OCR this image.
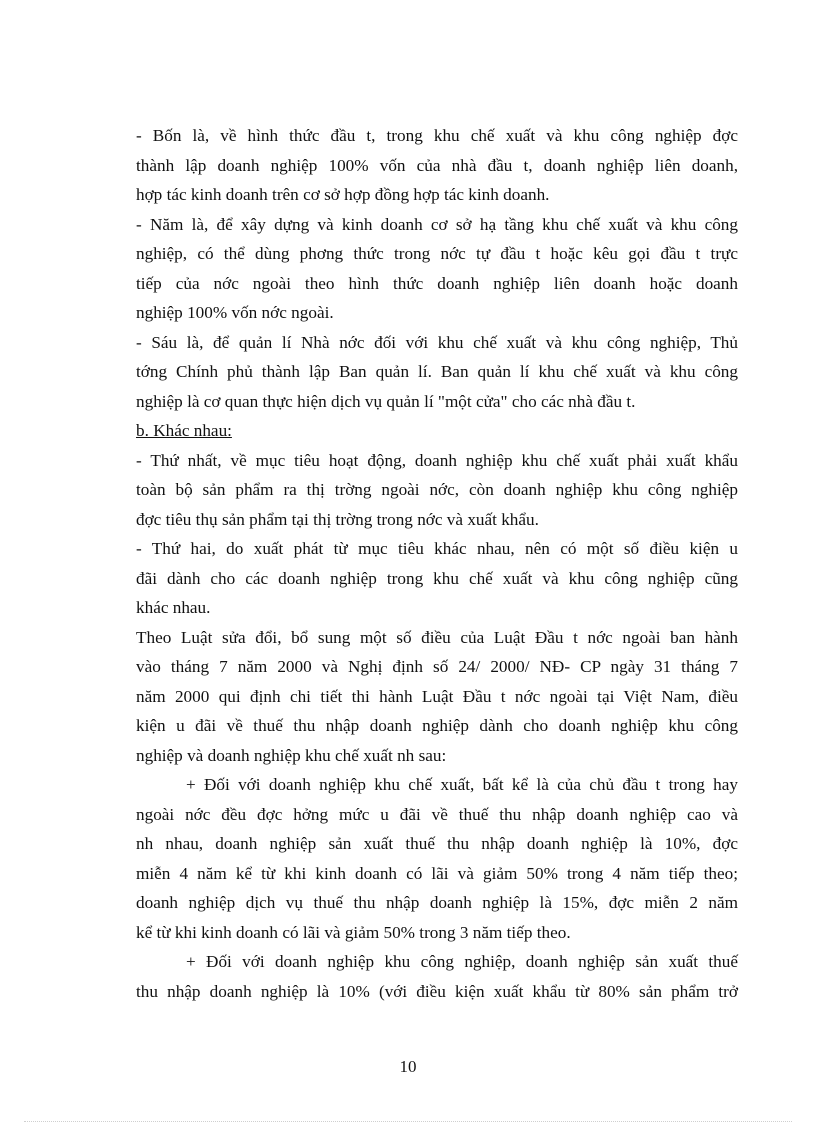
- Bốn là, về hình thức đầu t, trong khu chế xuất và khu công nghiệp đợc
thành lập doanh nghiệp 100% vốn của nhà đầu t, doanh nghiệp liên doanh,
hợp tác kinh doanh trên cơ sở hợp đồng hợp tác kinh doanh.
- Năm là, để xây dựng và kinh doanh cơ sở hạ tầng khu chế xuất và khu công
nghiệp, có thể dùng phơng thức trong nớc tự đầu t hoặc kêu gọi đầu t trực
tiếp của nớc ngoài theo hình thức doanh nghiệp liên doanh hoặc doanh
nghiệp 100% vốn nớc ngoài.
- Sáu là, để quản lí Nhà nớc đối với khu chế xuất và khu công nghiệp, Thủ
tớng Chính phủ thành lập Ban quản lí. Ban quản lí khu chế xuất và khu công
nghiệp là cơ quan thực hiện dịch vụ quản lí "một cửa" cho các nhà đầu t.
b. Khác nhau:
- Thứ nhất, về mục tiêu hoạt động, doanh nghiệp khu chế xuất phải xuất khẩu
toàn bộ sản phẩm ra thị trờng ngoài nớc, còn doanh nghiệp khu công nghiệp
đợc tiêu thụ sản phẩm tại thị trờng trong nớc và xuất khẩu.
- Thứ hai, do xuất phát từ mục tiêu khác nhau, nên có một số điều kiện u
đãi dành cho các doanh nghiệp trong khu chế xuất và khu công nghiệp cũng
khác nhau.
Theo Luật sửa đổi, bổ sung một số điều của Luật Đầu t nớc ngoài ban hành
vào tháng 7 năm 2000 và Nghị định số 24/ 2000/ NĐ- CP ngày 31 tháng 7
năm 2000 qui định chi tiết thi hành Luật Đầu t nớc ngoài tại Việt Nam, điều
kiện u đãi về thuế thu nhập doanh nghiệp dành cho doanh nghiệp khu công
nghiệp và doanh nghiệp khu chế xuất nh sau:
+ Đối với doanh nghiệp khu chế xuất, bất kể là của chủ đầu t trong hay
ngoài nớc đều đợc hởng mức u đãi về thuế thu nhập doanh nghiệp cao và
nh nhau, doanh nghiệp sản xuất thuế thu nhập doanh nghiệp là 10%, đợc
miễn 4 năm kể từ khi kinh doanh có lãi và giảm 50% trong 4 năm tiếp theo;
doanh nghiệp dịch vụ thuế thu nhập doanh nghiệp là 15%, đợc miễn 2 năm
kể từ khi kinh doanh có lãi và giảm 50% trong 3 năm tiếp theo.
+ Đối với doanh nghiệp khu công nghiệp, doanh nghiệp sản xuất thuế
thu nhập doanh nghiệp là 10% (với điều kiện xuất khẩu từ 80% sản phẩm trở
10
